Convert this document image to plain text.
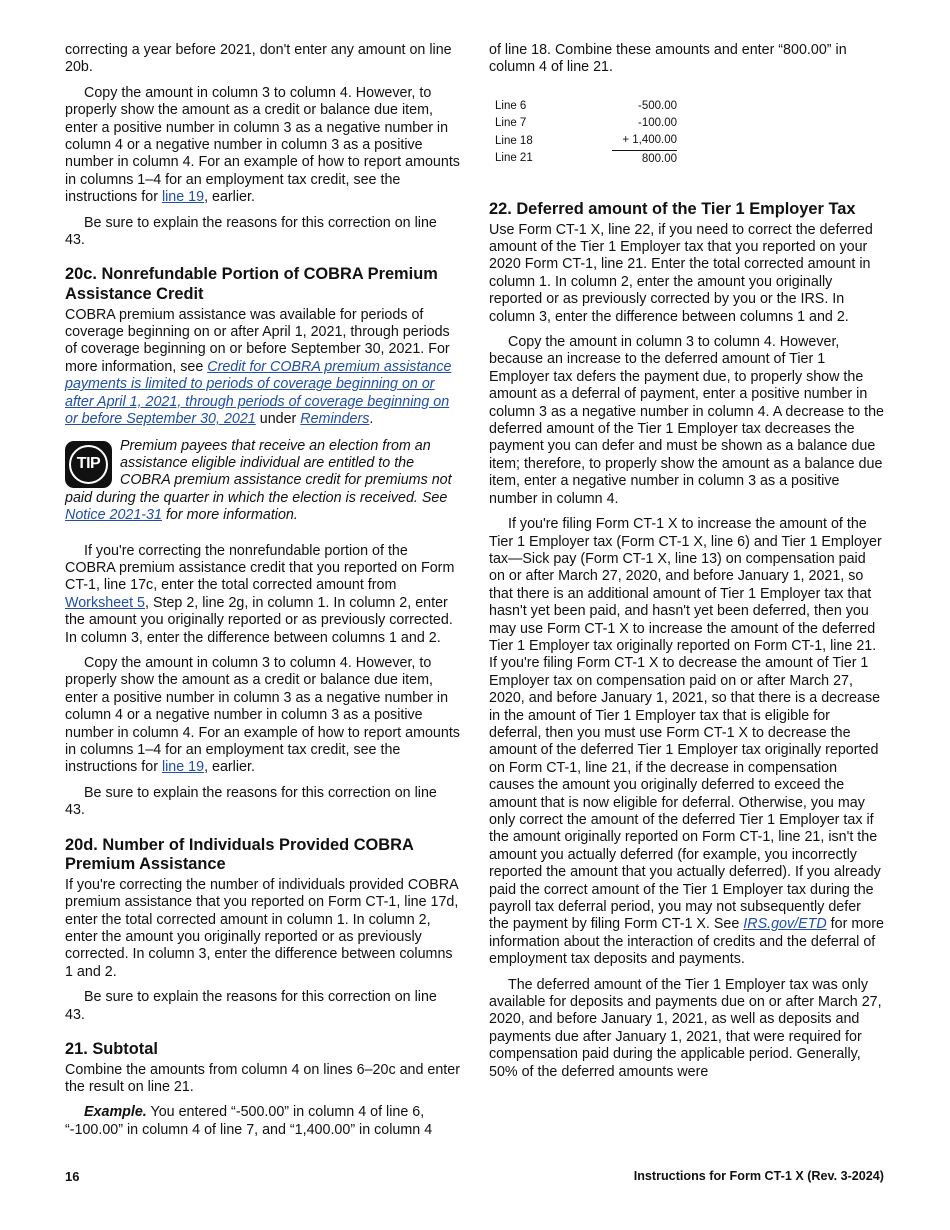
correcting a year before 2021, don't enter any amount on line 20b.

Copy the amount in column 3 to column 4. However, to properly show the amount as a credit or balance due item, enter a positive number in column 3 as a negative number in column 4 or a negative number in column 3 as a positive number in column 4. For an example of how to report amounts in columns 1–4 for an employment tax credit, see the instructions for line 19, earlier.

Be sure to explain the reasons for this correction on line 43.

20c. Nonrefundable Portion of COBRA Premium Assistance Credit

COBRA premium assistance was available for periods of coverage beginning on or after April 1, 2021, through periods of coverage beginning on or before September 30, 2021. For more information, see Credit for COBRA premium assistance payments is limited to periods of coverage beginning on or after April 1, 2021, through periods of coverage beginning on or before September 30, 2021 under Reminders.

TIP
Premium payees that receive an election from an assistance eligible individual are entitled to the COBRA premium assistance credit for premiums not paid during the quarter in which the election is received. See Notice 2021-31 for more information.

If you're correcting the nonrefundable portion of the COBRA premium assistance credit that you reported on Form CT-1, line 17c, enter the total corrected amount from Worksheet 5, Step 2, line 2g, in column 1. In column 2, enter the amount you originally reported or as previously corrected. In column 3, enter the difference between columns 1 and 2.

Copy the amount in column 3 to column 4. However, to properly show the amount as a credit or balance due item, enter a positive number in column 3 as a negative number in column 4 or a negative number in column 3 as a positive number in column 4. For an example of how to report amounts in columns 1–4 for an employment tax credit, see the instructions for line 19, earlier.

Be sure to explain the reasons for this correction on line 43.

20d. Number of Individuals Provided COBRA Premium Assistance

If you're correcting the number of individuals provided COBRA premium assistance that you reported on Form CT-1, line 17d, enter the total corrected amount in column 1. In column 2, enter the amount you originally reported or as previously corrected. In column 3, enter the difference between columns 1 and 2.

Be sure to explain the reasons for this correction on line 43.

21. Subtotal

Combine the amounts from column 4 on lines 6–20c and enter the result on line 21.

Example. You entered “-500.00” in column 4 of line 6, “-100.00” in column 4 of line 7, and “1,400.00” in column 4

of line 18. Combine these amounts and enter “800.00” in column 4 of line 21.

Line 6	-500.00
Line 7	-100.00
Line 18	+ 1,400.00
Line 21	800.00
22. Deferred amount of the Tier 1 Employer Tax

Use Form CT-1 X, line 22, if you need to correct the deferred amount of the Tier 1 Employer tax that you reported on your 2020 Form CT-1, line 21. Enter the total corrected amount in column 1. In column 2, enter the amount you originally reported or as previously corrected by you or the IRS. In column 3, enter the difference between columns 1 and 2.

Copy the amount in column 3 to column 4. However, because an increase to the deferred amount of Tier 1 Employer tax defers the payment due, to properly show the amount as a deferral of payment, enter a positive number in column 3 as a negative number in column 4. A decrease to the deferred amount of the Tier 1 Employer tax decreases the payment you can defer and must be shown as a balance due item; therefore, to properly show the amount as a balance due item, enter a negative number in column 3 as a positive number in column 4.

If you're filing Form CT-1 X to increase the amount of the Tier 1 Employer tax (Form CT-1 X, line 6) and Tier 1 Employer tax—Sick pay (Form CT-1 X, line 13) on compensation paid on or after March 27, 2020, and before January 1, 2021, so that there is an additional amount of Tier 1 Employer tax that hasn't yet been paid, and hasn't yet been deferred, then you may use Form CT-1 X to increase the amount of the deferred Tier 1 Employer tax originally reported on Form CT-1, line 21. If you're filing Form CT-1 X to decrease the amount of Tier 1 Employer tax on compensation paid on or after March 27, 2020, and before January 1, 2021, so that there is a decrease in the amount of Tier 1 Employer tax that is eligible for deferral, then you must use Form CT-1 X to decrease the amount of the deferred Tier 1 Employer tax originally reported on Form CT-1, line 21, if the decrease in compensation causes the amount you originally deferred to exceed the amount that is now eligible for deferral. Otherwise, you may only correct the amount of the deferred Tier 1 Employer tax if the amount originally reported on Form CT-1, line 21, isn't the amount you actually deferred (for example, you incorrectly reported the amount that you actually deferred). If you already paid the correct amount of the Tier 1 Employer tax during the payroll tax deferral period, you may not subsequently defer the payment by filing Form CT-1 X. See IRS.gov/ETD for more information about the interaction of credits and the deferral of employment tax deposits and payments.

The deferred amount of the Tier 1 Employer tax was only available for deposits and payments due on or after March 27, 2020, and before January 1, 2021, as well as deposits and payments due after January 1, 2021, that were required for compensation paid during the applicable period. Generally, 50% of the deferred amounts were

16	Instructions for Form CT-1 X (Rev. 3-2024)
